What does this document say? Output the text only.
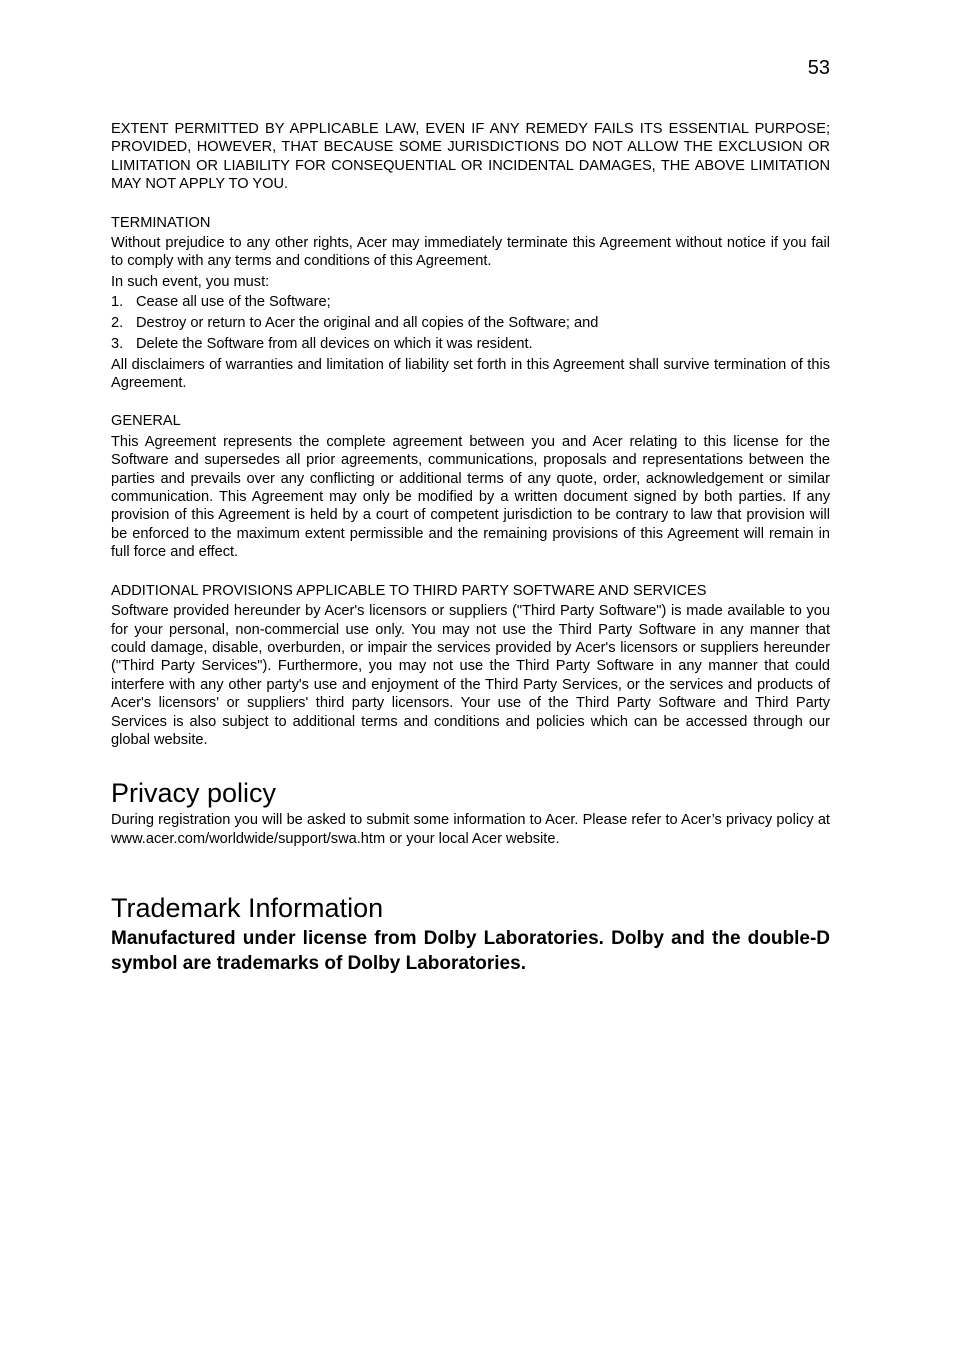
53

EXTENT PERMITTED BY APPLICABLE LAW, EVEN IF ANY REMEDY FAILS ITS ESSENTIAL PURPOSE; PROVIDED, HOWEVER, THAT BECAUSE SOME JURISDICTIONS DO NOT ALLOW THE EXCLUSION OR LIMITATION OR LIABILITY FOR CONSEQUENTIAL OR INCIDENTAL DAMAGES, THE ABOVE LIMITATION MAY NOT APPLY TO YOU.

TERMINATION

Without prejudice to any other rights, Acer may immediately terminate this Agreement without notice if you fail to comply with any terms and conditions of this Agreement.

In such event, you must:

1. Cease all use of the Software;
2. Destroy or return to Acer the original and all copies of the Software; and
3. Delete the Software from all devices on which it was resident.

All disclaimers of warranties and limitation of liability set forth in this Agreement shall survive termination of this Agreement.

GENERAL

This Agreement represents the complete agreement between you and Acer relating to this license for the Software and supersedes all prior agreements, communications, proposals and representations between the parties and prevails over any conflicting or additional terms of any quote, order, acknowledgement or similar communication. This Agreement may only be modified by a written document signed by both parties. If any provision of this Agreement is held by a court of competent jurisdiction to be contrary to law that provision will be enforced to the maximum extent permissible and the remaining provisions of this Agreement will remain in full force and effect.

ADDITIONAL PROVISIONS APPLICABLE TO THIRD PARTY SOFTWARE AND SERVICES

Software provided hereunder by Acer's licensors or suppliers ("Third Party Software") is made available to you for your personal, non-commercial use only. You may not use the Third Party Software in any manner that could damage, disable, overburden, or impair the services provided by Acer's licensors or suppliers hereunder ("Third Party Services"). Furthermore, you may not use the Third Party Software in any manner that could interfere with any other party's use and enjoyment of the Third Party Services, or the services and products of Acer's licensors' or suppliers' third party licensors. Your use of the Third Party Software and Third Party Services is also subject to additional terms and conditions and policies which can be accessed through our global website.

Privacy policy

During registration you will be asked to submit some information to Acer. Please refer to Acer’s privacy policy at www.acer.com/worldwide/support/swa.htm or your local Acer website.

Trademark Information

Manufactured under license from Dolby Laboratories. Dolby and the double-D symbol are trademarks of Dolby Laboratories.
